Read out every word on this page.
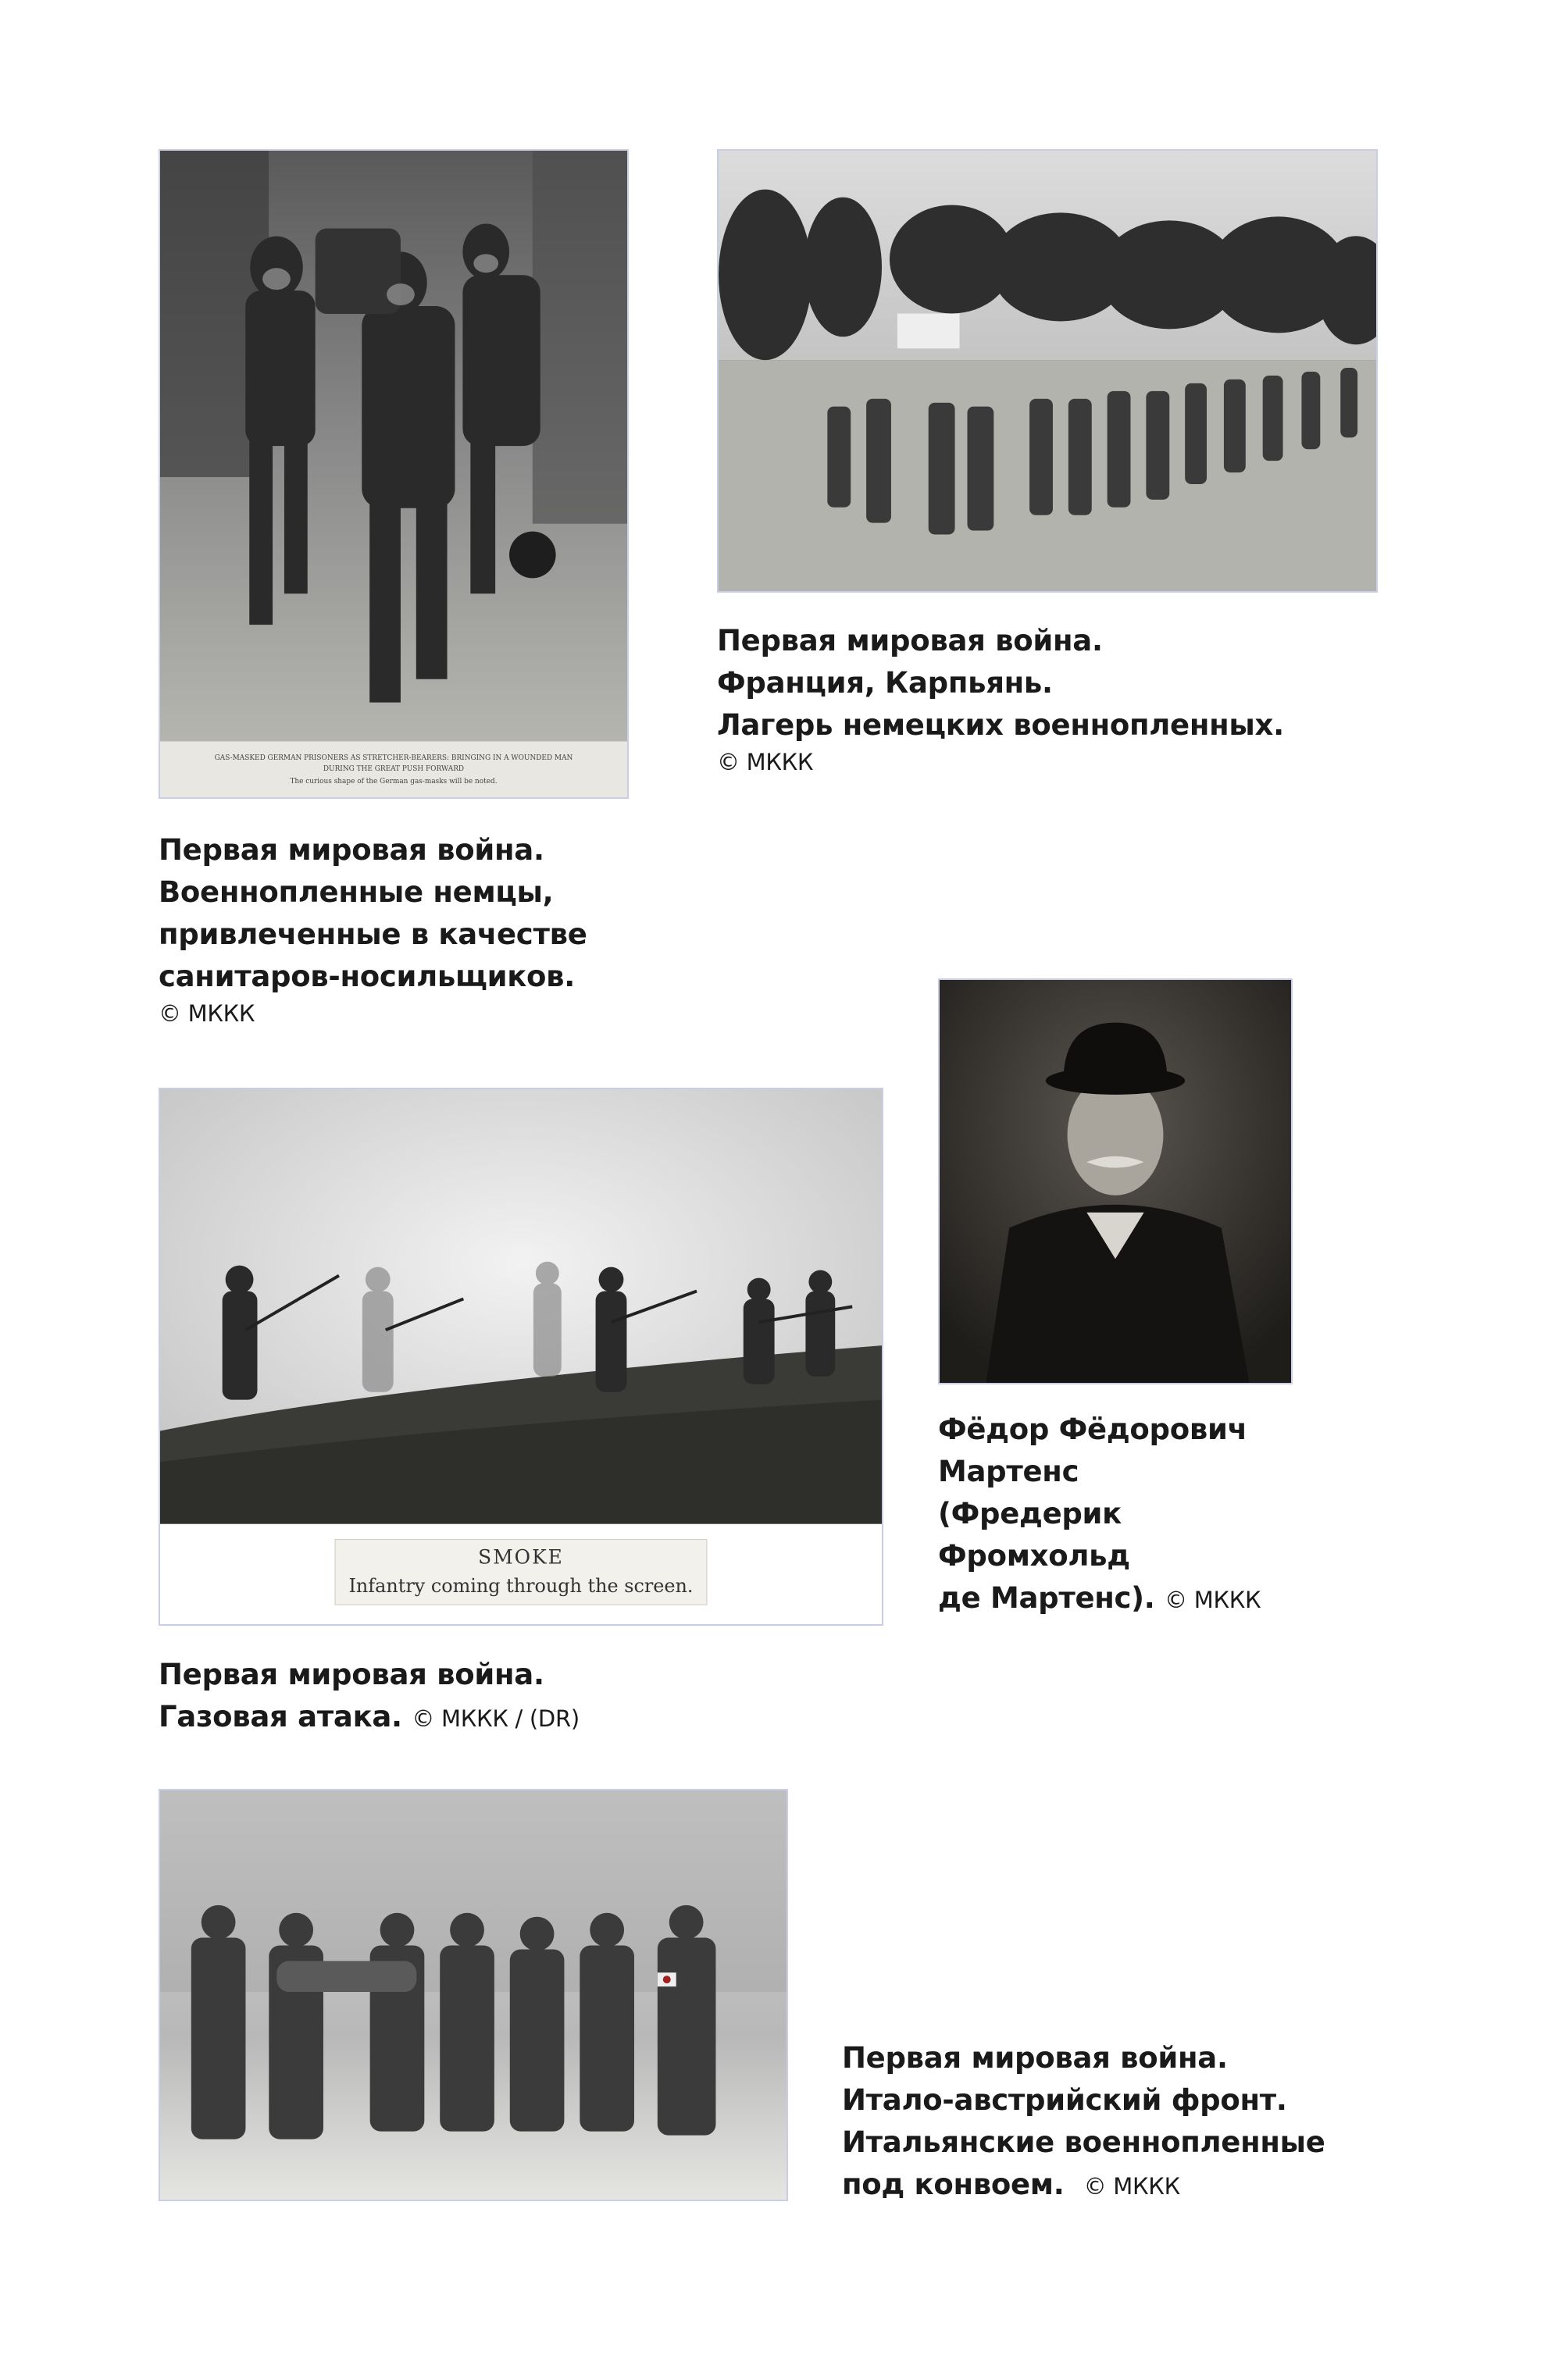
GAS-MASKED GERMAN PRISONERS AS STRETCHER-BEARERS: BRINGING IN A WOUNDED MAN
DURING THE GREAT PUSH FORWARD
The curious shape of the German gas-masks will be noted.
SMOKE
Infantry coming through the screen.
Первая мировая война.
Военнопленные немцы,
привлеченные в качестве
санитаров-носильщиков.
© МККК
Первая мировая война.
Франция, Карпьянь.
Лагерь немецких военнопленных.
© МККК
Фёдор Фёдорович
Мартенс
(Фредерик
Фромхольд
де Мартенс). © МККК
Первая мировая война.
Газовая атака. © МККК / (DR)
Первая мировая война.
Итало-австрийский фронт.
Итальянские военнопленные
под конвоем. © МККК
